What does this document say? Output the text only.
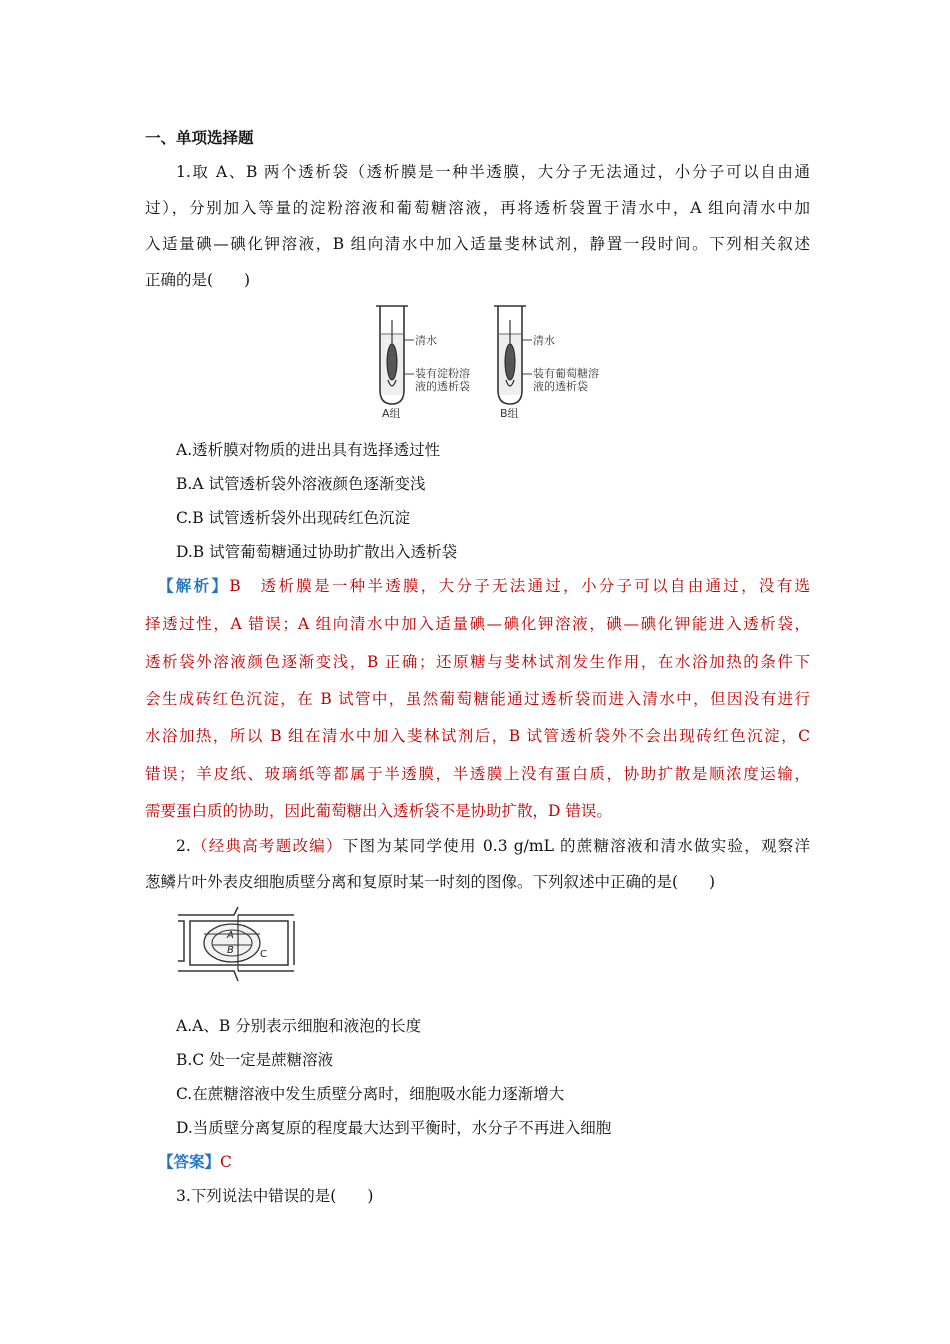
一、单项选择题
1.取 A、B 两个透析袋（透析膜是一种半透膜，大分子无法通过，小分子可以自由通
过），分别加入等量的淀粉溶液和葡萄糖溶液，再将透析袋置于清水中，A 组向清水中加
入适量碘—碘化钾溶液，B 组向清水中加入适量斐林试剂，静置一段时间。下列相关叙述
正确的是(　　)
清水
装有淀粉溶
液的透析袋
A组
清水
装有葡萄糖溶
液的透析袋
B组
A.透析膜对物质的进出具有选择透过性
B.A 试管透析袋外溶液颜色逐渐变浅
C.B 试管透析袋外出现砖红色沉淀
D.B 试管葡萄糖通过协助扩散出入透析袋
【解析】B　透析膜是一种半透膜，大分子无法通过，小分子可以自由通过，没有选
择透过性，A 错误；A 组向清水中加入适量碘—碘化钾溶液，碘—碘化钾能进入透析袋，
透析袋外溶液颜色逐渐变浅，B 正确；还原糖与斐林试剂发生作用，在水浴加热的条件下
会生成砖红色沉淀，在 B 试管中，虽然葡萄糖能通过透析袋而进入清水中，但因没有进行
水浴加热，所以 B 组在清水中加入斐林试剂后，B 试管透析袋外不会出现砖红色沉淀，C
错误；羊皮纸、玻璃纸等都属于半透膜，半透膜上没有蛋白质，协助扩散是顺浓度运输，
需要蛋白质的协助，因此葡萄糖出入透析袋不是协助扩散，D 错误。
2.（经典高考题改编）下图为某同学使用 0.3 g/mL 的蔗糖溶液和清水做实验，观察洋
葱鳞片叶外表皮细胞质壁分离和复原时某一时刻的图像。下列叙述中正确的是(　　)
A
B	C
A.A、B 分别表示细胞和液泡的长度
B.C 处一定是蔗糖溶液
C.在蔗糖溶液中发生质壁分离时，细胞吸水能力逐渐增大
D.当质壁分离复原的程度最大达到平衡时，水分子不再进入细胞
【答案】C
3.下列说法中错误的是(　　)
